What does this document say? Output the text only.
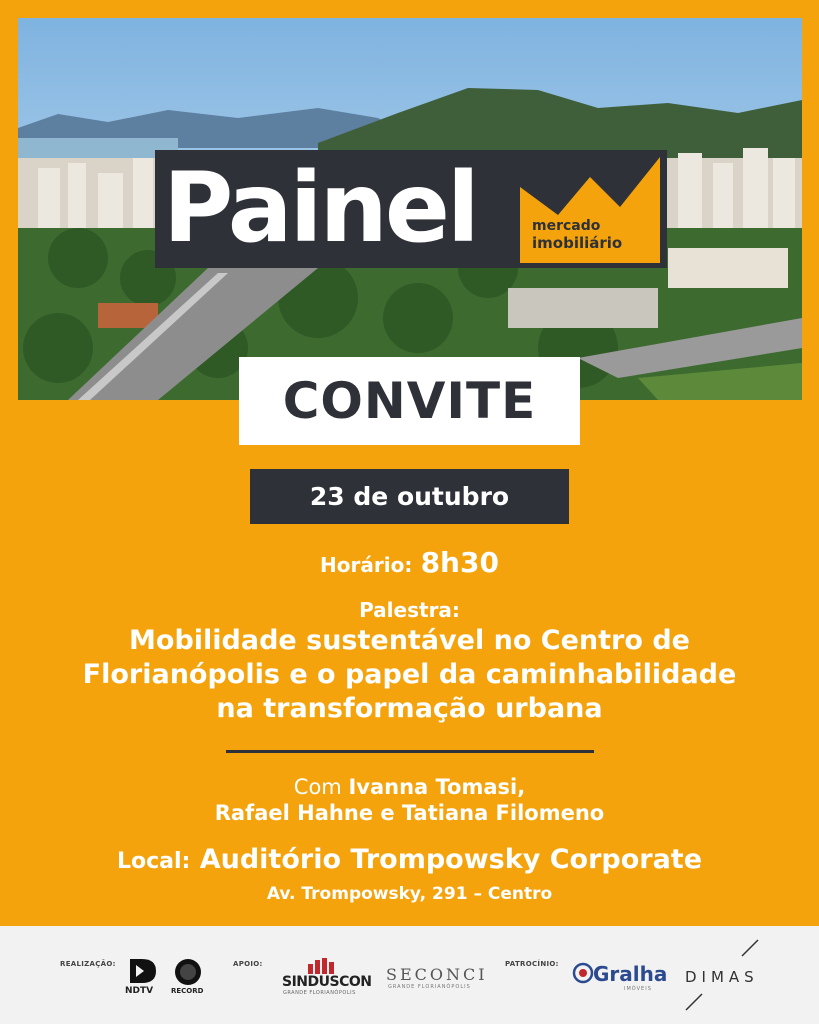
Painel	mercado
imobiliário
CONVITE
23 de outubro
Horário: 8h30
Palestra:
Mobilidade sustentável no Centro de
Florianópolis e o papel da caminhabilidade
na transformação urbana
Com Ivanna Tomasi,
Rafael Hahne e Tatiana Filomeno
Local: Auditório Trompowsky Corporate
Av. Trompowsky, 291 – Centro
REALIZAÇÃO:
NDTV	RECORD
APOIO:
SINDUSCON
GRANDE FLORIANÓPOLIS
SECONCI
GRANDE FLORIANÓPOLIS
PATROCÍNIO: Gralha
IMÓVEIS
DIMAS
